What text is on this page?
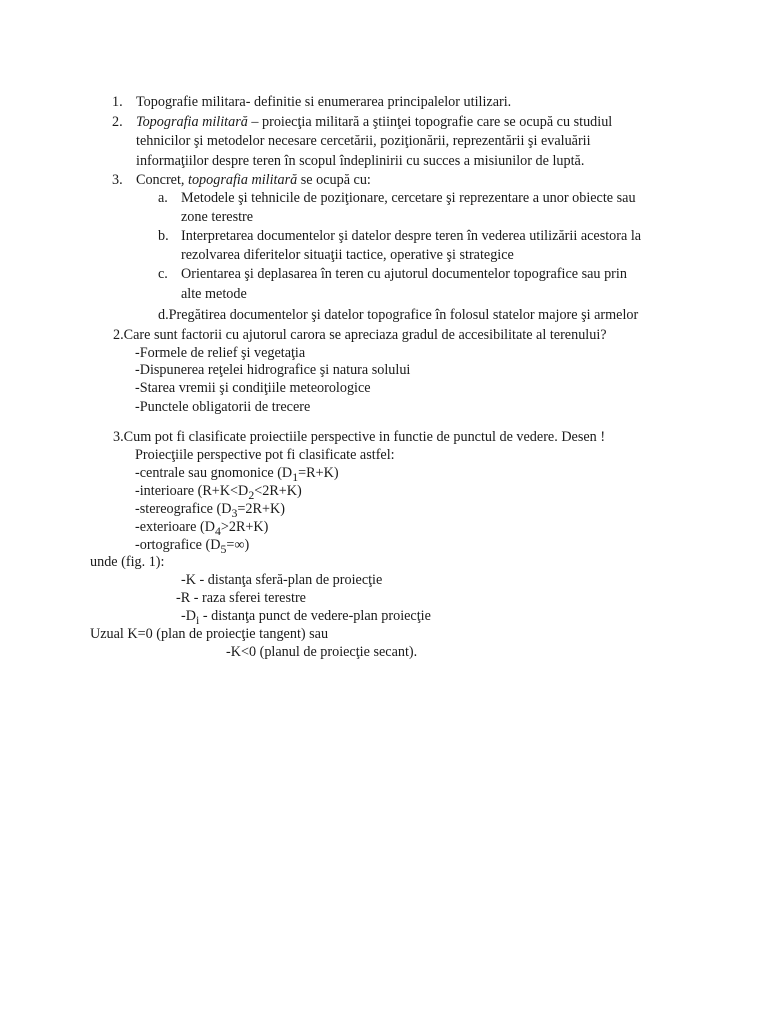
1. Topografie militara- definitie si enumerarea principalelor utilizari.
2. Topografia militară – proiecţia militară a ştiinţei topografie care se ocupă cu studiul
tehnicilor şi metodelor necesare cercetării, poziţionării, reprezentării şi evaluării
informaţiilor despre teren în scopul îndeplinirii cu succes a misiunilor de luptă.
3. Concret, topografia militară se ocupă cu:
a. Metodele şi tehnicile de poziţionare, cercetare şi reprezentare a unor obiecte sau
zone terestre
b. Interpretarea documentelor şi datelor despre teren în vederea utilizării acestora la
rezolvarea diferitelor situaţii tactice, operative şi strategice
c. Orientarea şi deplasarea în teren cu ajutorul documentelor topografice sau prin
alte metode
d.Pregătirea documentelor şi datelor topografice în folosul statelor majore şi armelor
2.Care sunt factorii cu ajutorul carora se apreciaza gradul de accesibilitate al terenului?
-Formele de relief şi vegetaţia
-Dispunerea reţelei hidrografice şi natura solului
-Starea vremii şi condiţiile meteorologice
-Punctele obligatorii de trecere
3.Cum pot fi clasificate proiectiile perspective in functie de punctul de vedere. Desen !
Proiecţiile perspective pot fi clasificate astfel:
-centrale sau gnomonice $(D_1=R+K)$
-interioare $(R+K<D_2<2R+K)$
-stereografice $(D_3=2R+K)$
-exterioare $(D_4>2R+K)$
-ortografice $(D_5=\infty)$
unde (fig. 1):
-K - distanţa sferă-plan de proiecţie
-R - raza sferei terestre
$-D_i$ - distanţa punct de vedere-plan proiecţie
Uzual K=0 (plan de proiecţie tangent) sau
-K<0 (planul de proiecţie secant).
